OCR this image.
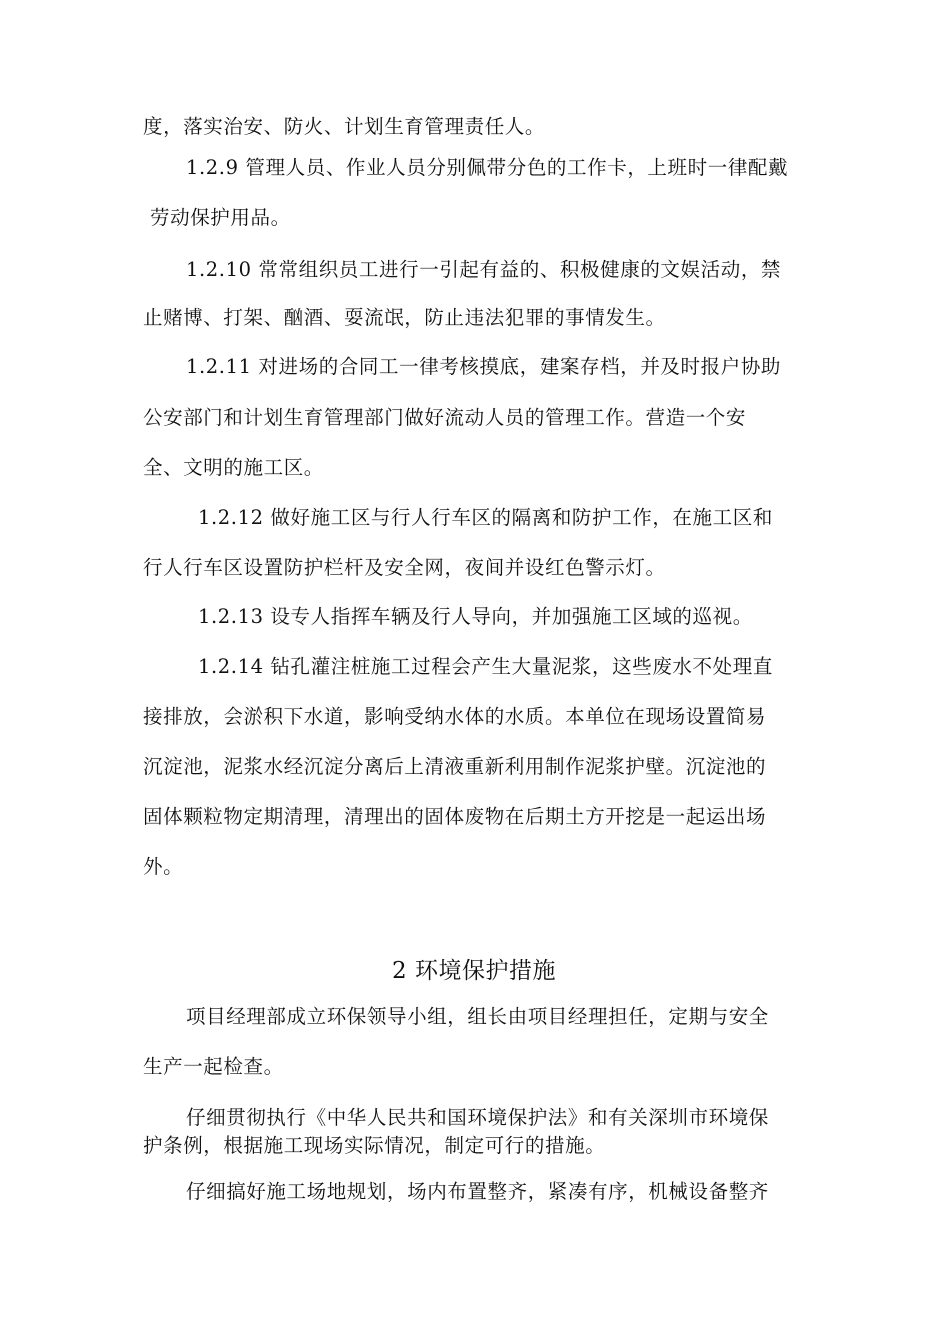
度，落实治安、防火、计划生育管理责任人。
1.2.9 管理人员、作业人员分别佩带分色的工作卡，上班时一律配戴
劳动保护用品。
1.2.10 常常组织员工进行一引起有益的、积极健康的文娱活动，禁
止赌博、打架、酗酒、耍流氓，防止违法犯罪的事情发生。
1.2.11 对进场的合同工一律考核摸底，建案存档，并及时报户协助
公安部门和计划生育管理部门做好流动人员的管理工作。营造一个安
全、文明的施工区。
1.2.12 做好施工区与行人行车区的隔离和防护工作，在施工区和
行人行车区设置防护栏杆及安全网，夜间并设红色警示灯。
1.2.13 设专人指挥车辆及行人导向，并加强施工区域的巡视。
1.2.14 钻孔灌注桩施工过程会产生大量泥浆，这些废水不处理直
接排放，会淤积下水道，影响受纳水体的水质。本单位在现场设置简易
沉淀池，泥浆水经沉淀分离后上清液重新利用制作泥浆护壁。沉淀池的
固体颗粒物定期清理，清理出的固体废物在后期土方开挖是一起运出场
外。
2 环境保护措施
项目经理部成立环保领导小组，组长由项目经理担任，定期与安全
生产一起检查。
仔细贯彻执行《中华人民共和国环境保护法》和有关深圳市环境保
护条例，根据施工现场实际情况，制定可行的措施。
仔细搞好施工场地规划，场内布置整齐，紧凑有序，机械设备整齐
